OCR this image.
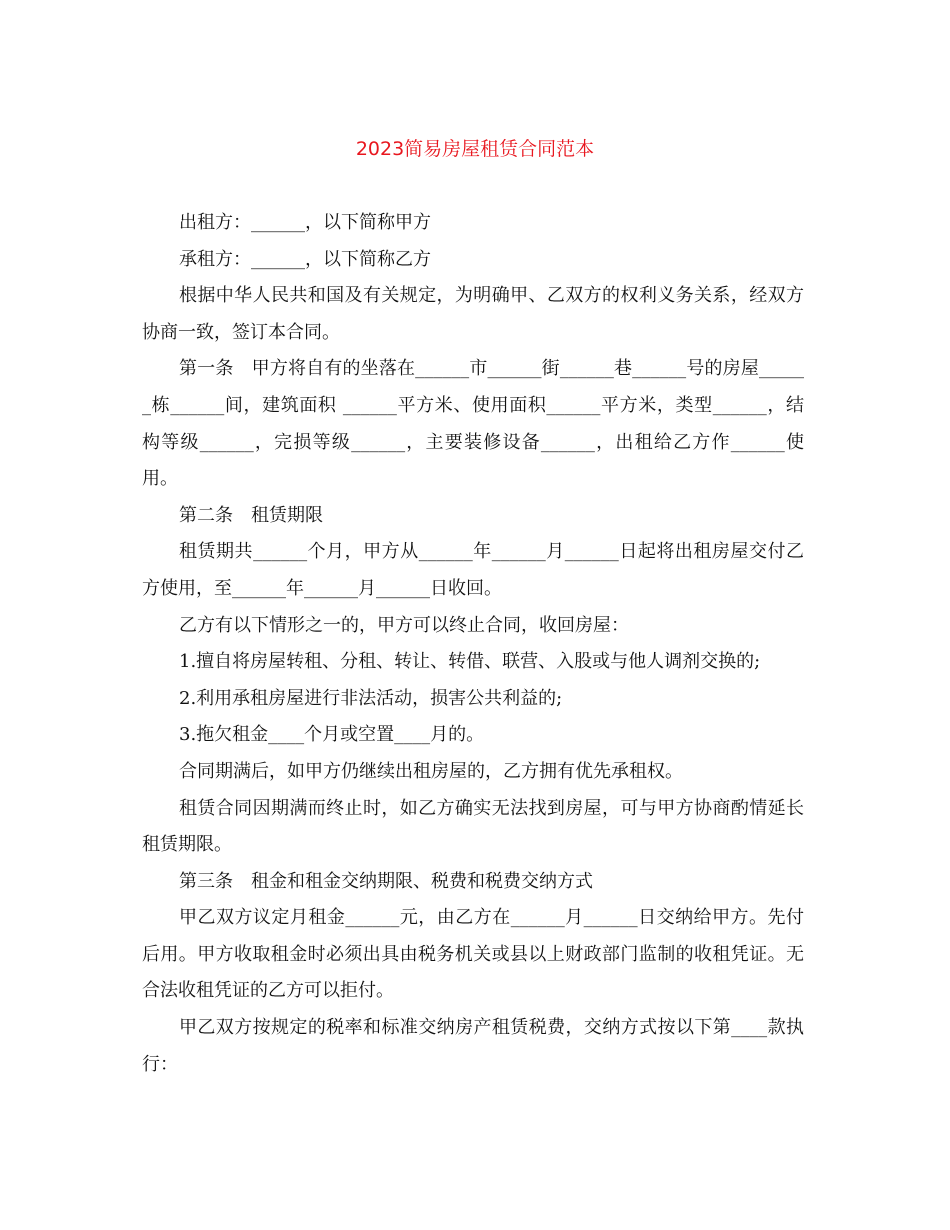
2023简易房屋租赁合同范本

出租方：______，以下简称甲方

承租方：______，以下简称乙方

根据中华人民共和国及有关规定，为明确甲、乙双方的权利义务关系，经双方协商一致，签订本合同。

第一条　甲方将自有的坐落在______市______街______巷______号的房屋______栋______间，建筑面积 ______平方米、使用面积______平方米，类型______，结构等级______，完损等级______，主要装修设备______，出租给乙方作______使用。

第二条　租赁期限

租赁期共______个月，甲方从______年______月______日起将出租房屋交付乙方使用，至______年______月______日收回。

乙方有以下情形之一的，甲方可以终止合同，收回房屋：

1.擅自将房屋转租、分租、转让、转借、联营、入股或与他人调剂交换的;

2.利用承租房屋进行非法活动，损害公共利益的;

3.拖欠租金____个月或空置____月的。

合同期满后，如甲方仍继续出租房屋的，乙方拥有优先承租权。

租赁合同因期满而终止时，如乙方确实无法找到房屋，可与甲方协商酌情延长租赁期限。

第三条　租金和租金交纳期限、税费和税费交纳方式

甲乙双方议定月租金______元，由乙方在______月______日交纳给甲方。先付后用。甲方收取租金时必须出具由税务机关或县以上财政部门监制的收租凭证。无合法收租凭证的乙方可以拒付。

甲乙双方按规定的税率和标准交纳房产租赁税费，交纳方式按以下第____款执行：
